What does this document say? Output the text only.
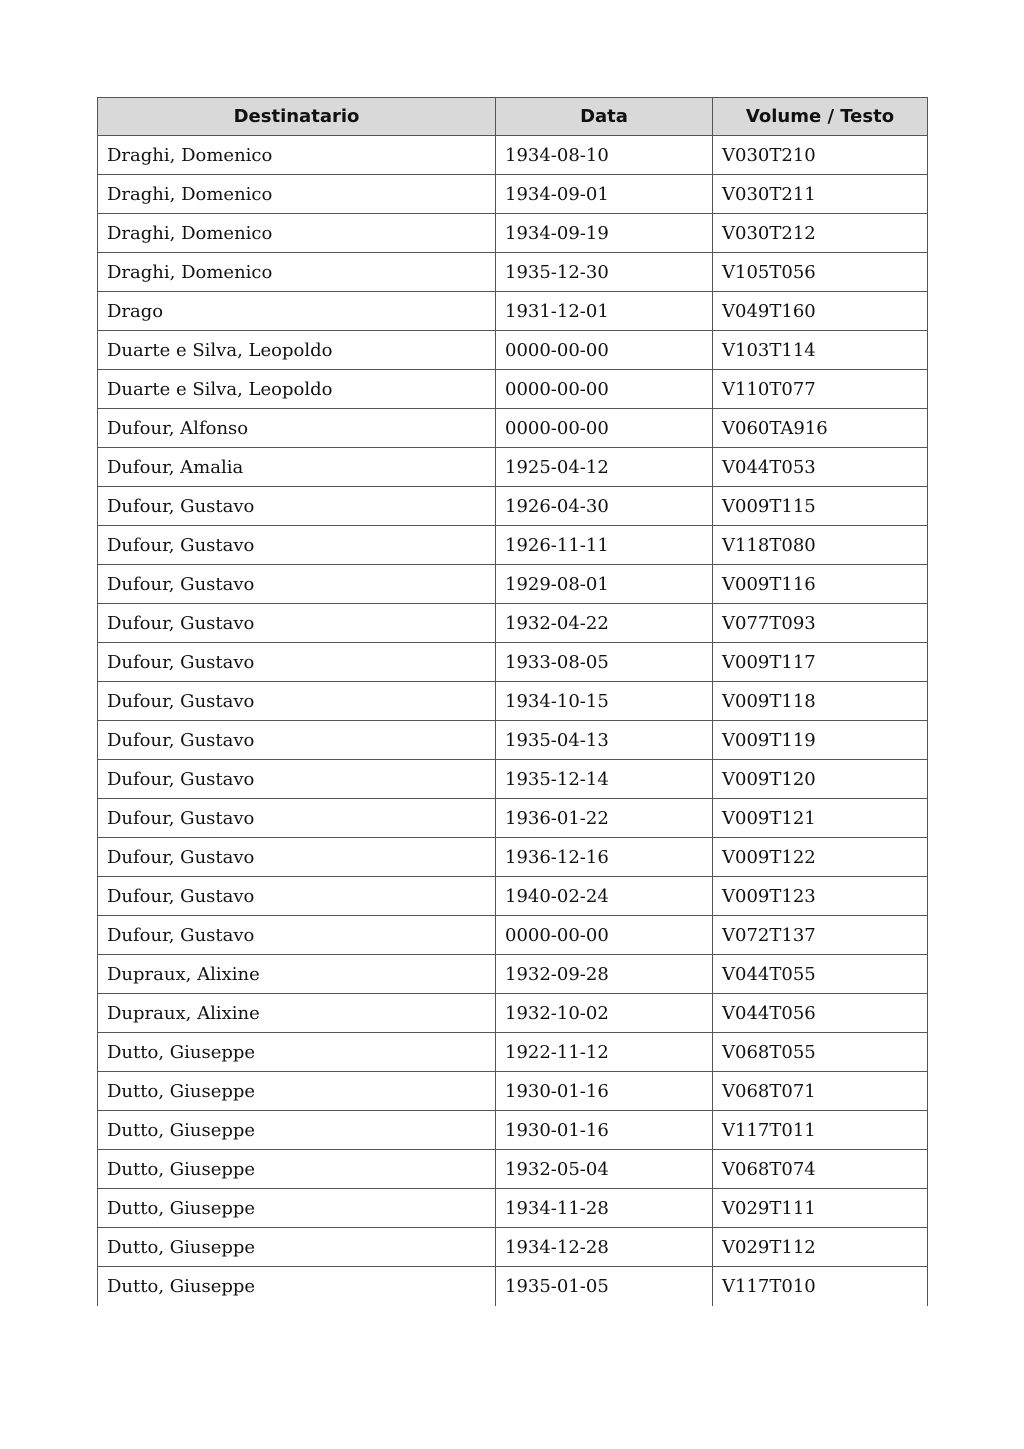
Destinatario	Data	Volume / Testo
Draghi, Domenico	1934-08-10	V030T210
Draghi, Domenico	1934-09-01	V030T211
Draghi, Domenico	1934-09-19	V030T212
Draghi, Domenico	1935-12-30	V105T056
Drago	1931-12-01	V049T160
Duarte e Silva, Leopoldo	0000-00-00	V103T114
Duarte e Silva, Leopoldo	0000-00-00	V110T077
Dufour, Alfonso	0000-00-00	V060TA916
Dufour, Amalia	1925-04-12	V044T053
Dufour, Gustavo	1926-04-30	V009T115
Dufour, Gustavo	1926-11-11	V118T080
Dufour, Gustavo	1929-08-01	V009T116
Dufour, Gustavo	1932-04-22	V077T093
Dufour, Gustavo	1933-08-05	V009T117
Dufour, Gustavo	1934-10-15	V009T118
Dufour, Gustavo	1935-04-13	V009T119
Dufour, Gustavo	1935-12-14	V009T120
Dufour, Gustavo	1936-01-22	V009T121
Dufour, Gustavo	1936-12-16	V009T122
Dufour, Gustavo	1940-02-24	V009T123
Dufour, Gustavo	0000-00-00	V072T137
Dupraux, Alixine	1932-09-28	V044T055
Dupraux, Alixine	1932-10-02	V044T056
Dutto, Giuseppe	1922-11-12	V068T055
Dutto, Giuseppe	1930-01-16	V068T071
Dutto, Giuseppe	1930-01-16	V117T011
Dutto, Giuseppe	1932-05-04	V068T074
Dutto, Giuseppe	1934-11-28	V029T111
Dutto, Giuseppe	1934-12-28	V029T112
Dutto, Giuseppe	1935-01-05	V117T010
